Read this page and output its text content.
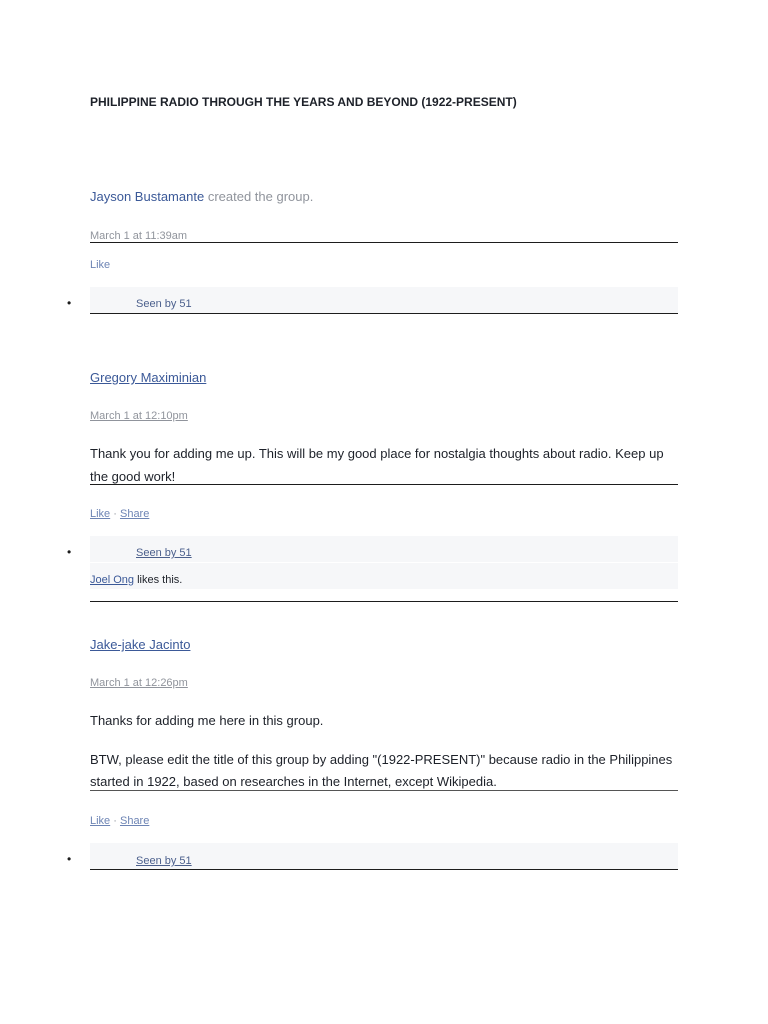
PHILIPPINE RADIO THROUGH THE YEARS AND BEYOND (1922-PRESENT)
Jayson Bustamante created the group.
March 1 at 11:39am
Like
•	Seen by 51
Gregory Maximinian
March 1 at 12:10pm
Thank you for adding me up. This will be my good place for nostalgia thoughts about radio. Keep up the good work!
Like · Share
•	Seen by 51
Joel Ong likes this.
Jake-jake Jacinto
March 1 at 12:26pm
Thanks for adding me here in this group.
BTW, please edit the title of this group by adding "(1922-PRESENT)" because radio in the Philippines started in 1922, based on researches in the Internet, except Wikipedia.
Like · Share
•	Seen by 51
